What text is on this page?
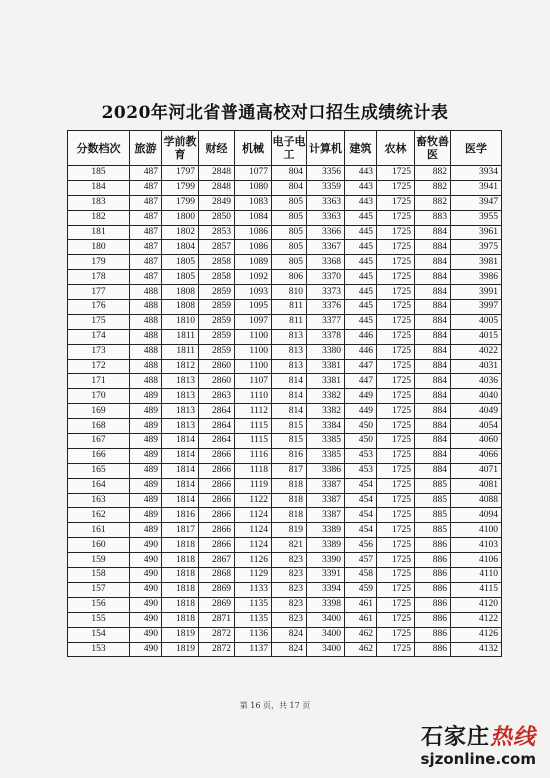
2020年河北省普通高校对口招生成绩统计表
分数档次	旅游	学前教育	财经	机械	电子电工	计算机	建筑	农林	畜牧兽医	医学
185	487	1797	2848	1077	804	3356	443	1725	882	3934
184	487	1799	2848	1080	804	3359	443	1725	882	3941
183	487	1799	2849	1083	805	3363	443	1725	882	3947
182	487	1800	2850	1084	805	3363	445	1725	883	3955
181	487	1802	2853	1086	805	3366	445	1725	884	3961
180	487	1804	2857	1086	805	3367	445	1725	884	3975
179	487	1805	2858	1089	805	3368	445	1725	884	3981
178	487	1805	2858	1092	806	3370	445	1725	884	3986
177	488	1808	2859	1093	810	3373	445	1725	884	3991
176	488	1808	2859	1095	811	3376	445	1725	884	3997
175	488	1810	2859	1097	811	3377	445	1725	884	4005
174	488	1811	2859	1100	813	3378	446	1725	884	4015
173	488	1811	2859	1100	813	3380	446	1725	884	4022
172	488	1812	2860	1100	813	3381	447	1725	884	4031
171	488	1813	2860	1107	814	3381	447	1725	884	4036
170	489	1813	2863	1110	814	3382	449	1725	884	4040
169	489	1813	2864	1112	814	3382	449	1725	884	4049
168	489	1813	2864	1115	815	3384	450	1725	884	4054
167	489	1814	2864	1115	815	3385	450	1725	884	4060
166	489	1814	2866	1116	816	3385	453	1725	884	4066
165	489	1814	2866	1118	817	3386	453	1725	884	4071
164	489	1814	2866	1119	818	3387	454	1725	885	4081
163	489	1814	2866	1122	818	3387	454	1725	885	4088
162	489	1816	2866	1124	818	3387	454	1725	885	4094
161	489	1817	2866	1124	819	3389	454	1725	885	4100
160	490	1818	2866	1124	821	3389	456	1725	886	4103
159	490	1818	2867	1126	823	3390	457	1725	886	4106
158	490	1818	2868	1129	823	3391	458	1725	886	4110
157	490	1818	2869	1133	823	3394	459	1725	886	4115
156	490	1818	2869	1135	823	3398	461	1725	886	4120
155	490	1818	2871	1135	823	3400	461	1725	886	4122
154	490	1819	2872	1136	824	3400	462	1725	886	4126
153	490	1819	2872	1137	824	3400	462	1725	886	4132
第 16 页，共 17 页
石家庄热线
sjzonline.com
